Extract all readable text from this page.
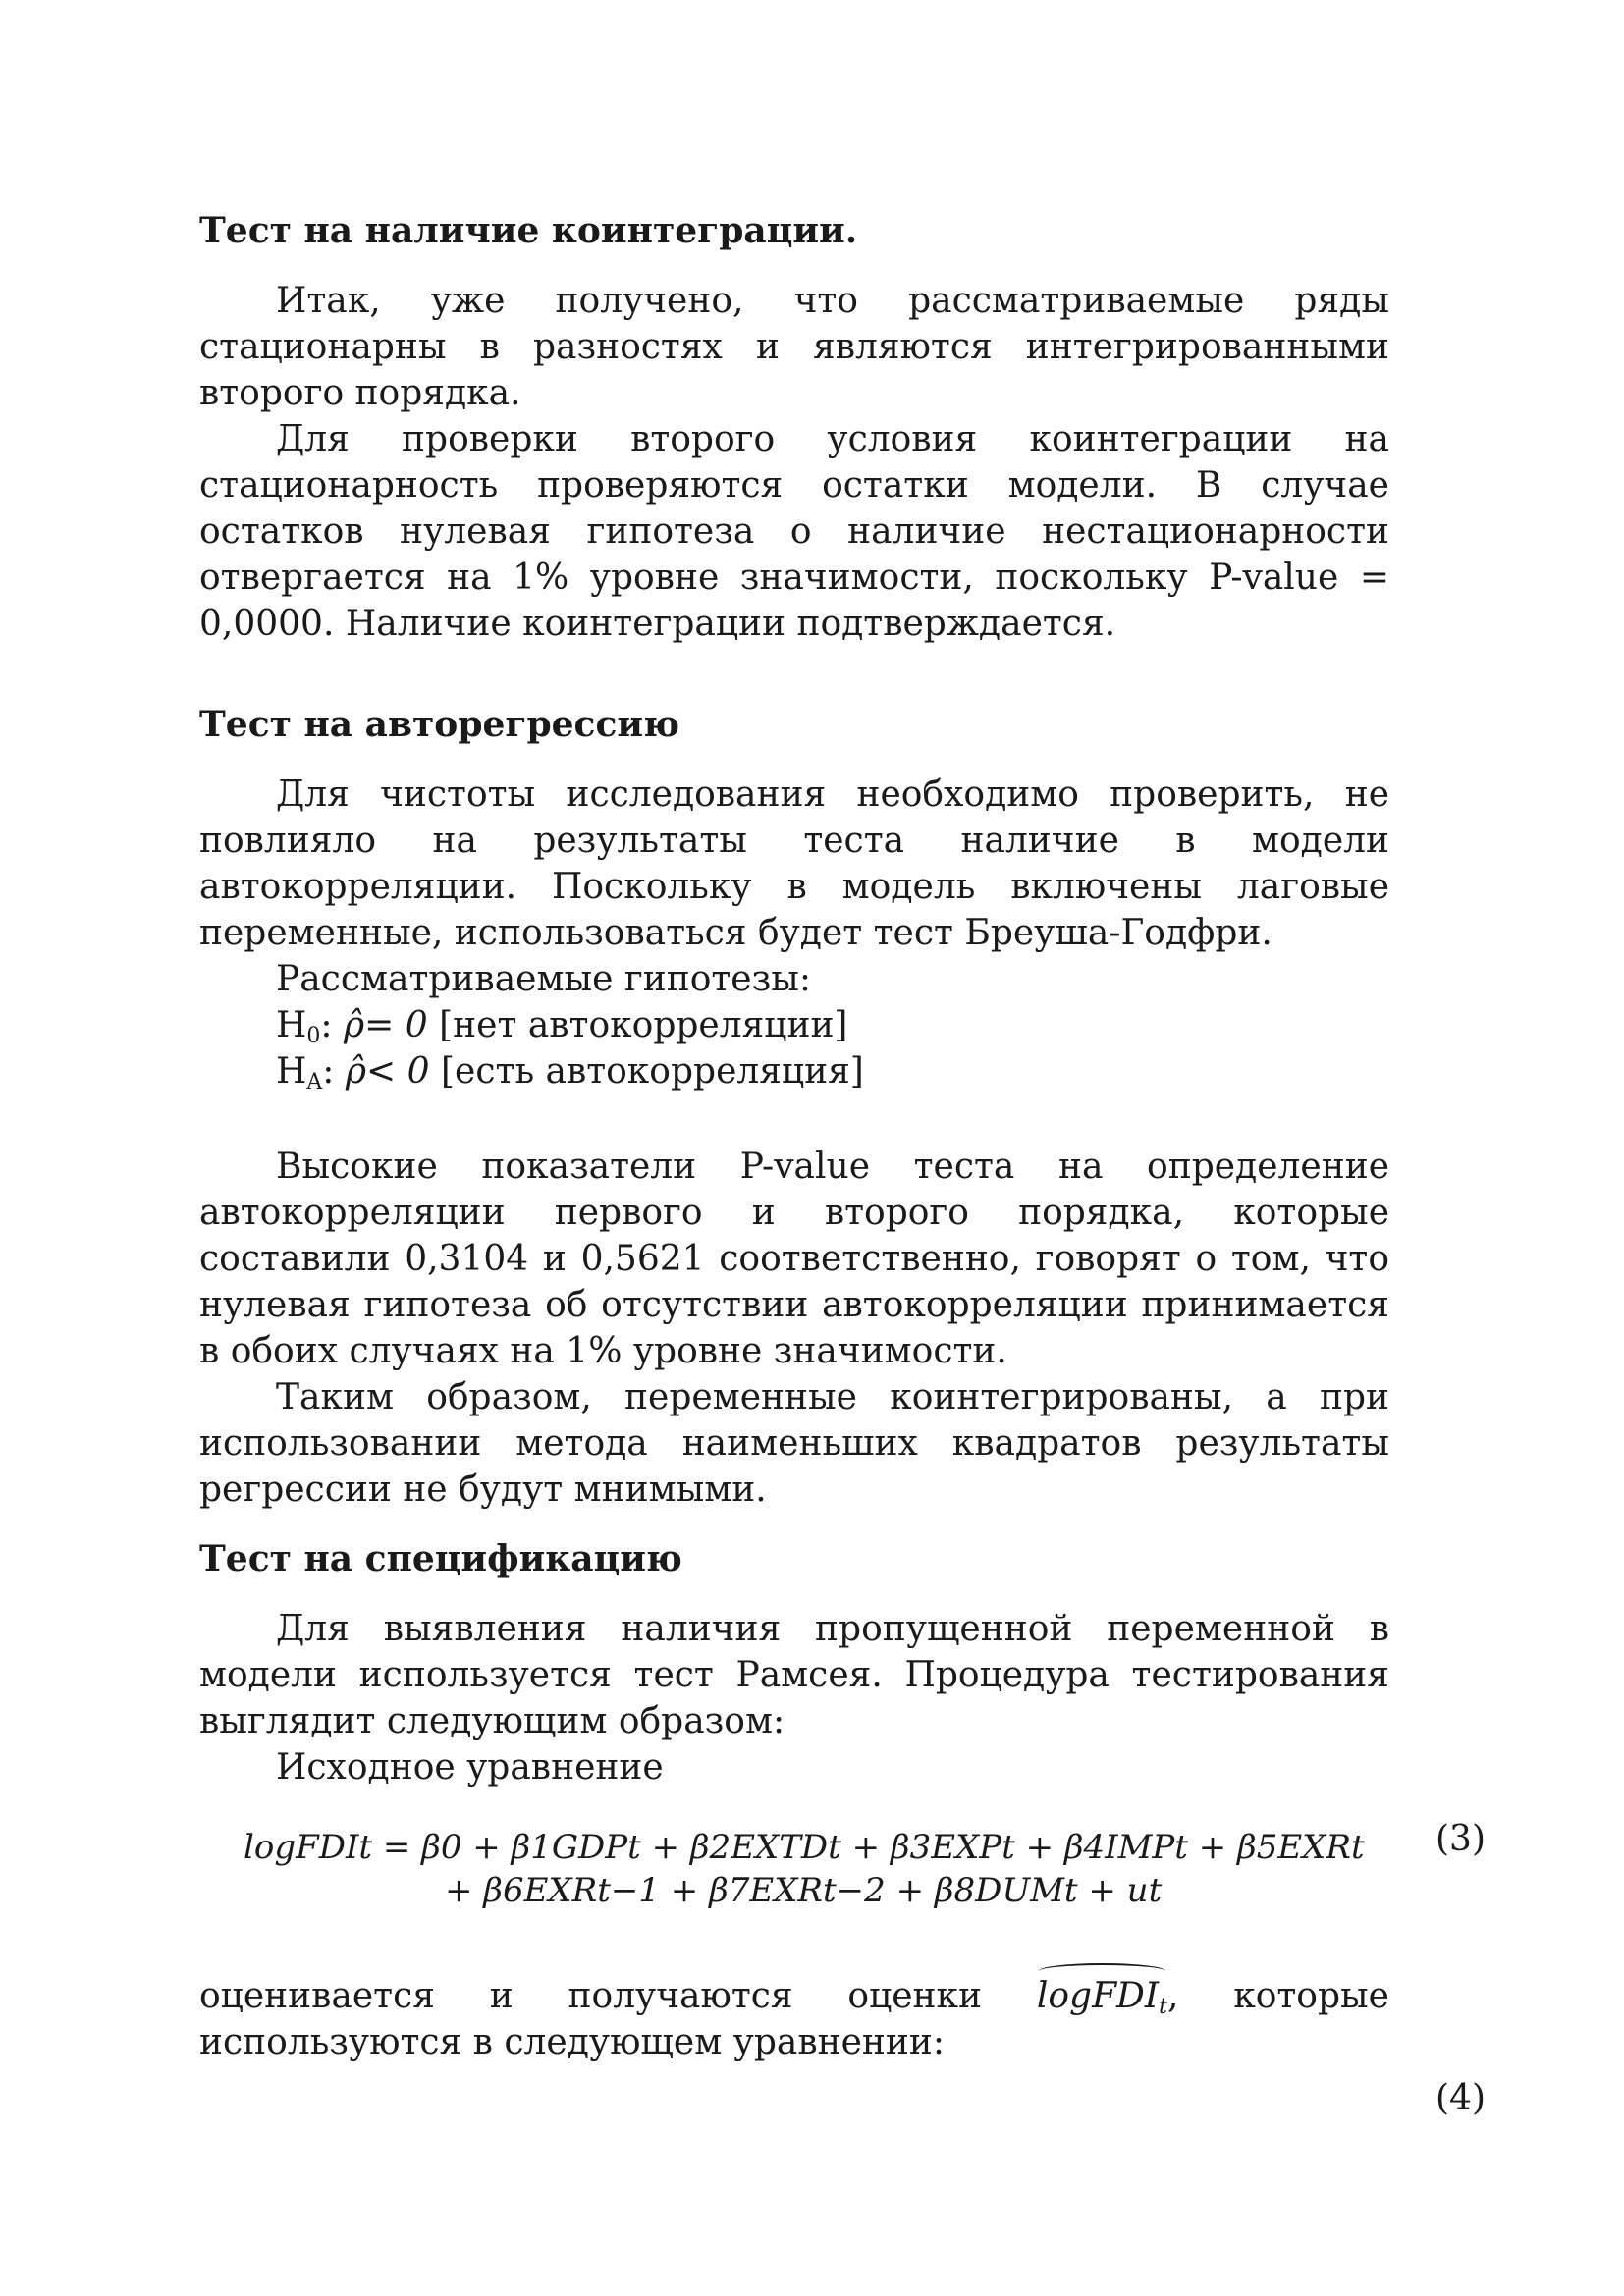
Тест на наличие коинтеграции.

Итак, уже получено, что рассматриваемые ряды стационарны в разностях и являются интегрированными второго порядка.

Для проверки второго условия коинтеграции на стационарность проверяются остатки модели. В случае остатков нулевая гипотеза о наличие нестационарности отвергается на 1% уровне значимости, поскольку P-value = 0,0000. Наличие коинтеграции подтверждается.

Тест на авторегрессию

Для чистоты исследования необходимо проверить, не повлияло на результаты теста наличие в модели автокорреляции. Поскольку в модель включены лаговые переменные, использоваться будет тест Бреуша-Годфри.

Рассматриваемые гипотезы:
$H_0$: ρ̂= 0 [нет автокорреляции]
$H_A$: ρ̂< 0 [есть автокорреляция]

Высокие показатели P-value теста на определение автокорреляции первого и второго порядка, которые составили 0,3104 и 0,5621 соответственно, говорят о том, что нулевая гипотеза об отсутствии автокорреляции принимается в обоих случаях на 1% уровне значимости.

Таким образом, переменные коинтегрированы, а при использовании метода наименьших квадратов результаты регрессии не будут мнимыми.

Тест на спецификацию

Для выявления наличия пропущенной переменной в модели используется тест Рамсея. Процедура тестирования выглядит следующим образом:

Исходное уравнение

logFDIt = β0 + β1GDPt + β2EXTDt + β3EXPt + β4IMPt + β5EXRt
+ β6EXRt−1 + β7EXRt−2 + β8DUMt + ut

оценивается и получаются оценки logFDI$_t$, которые используются в следующем уравнении:

(3)
(4)
